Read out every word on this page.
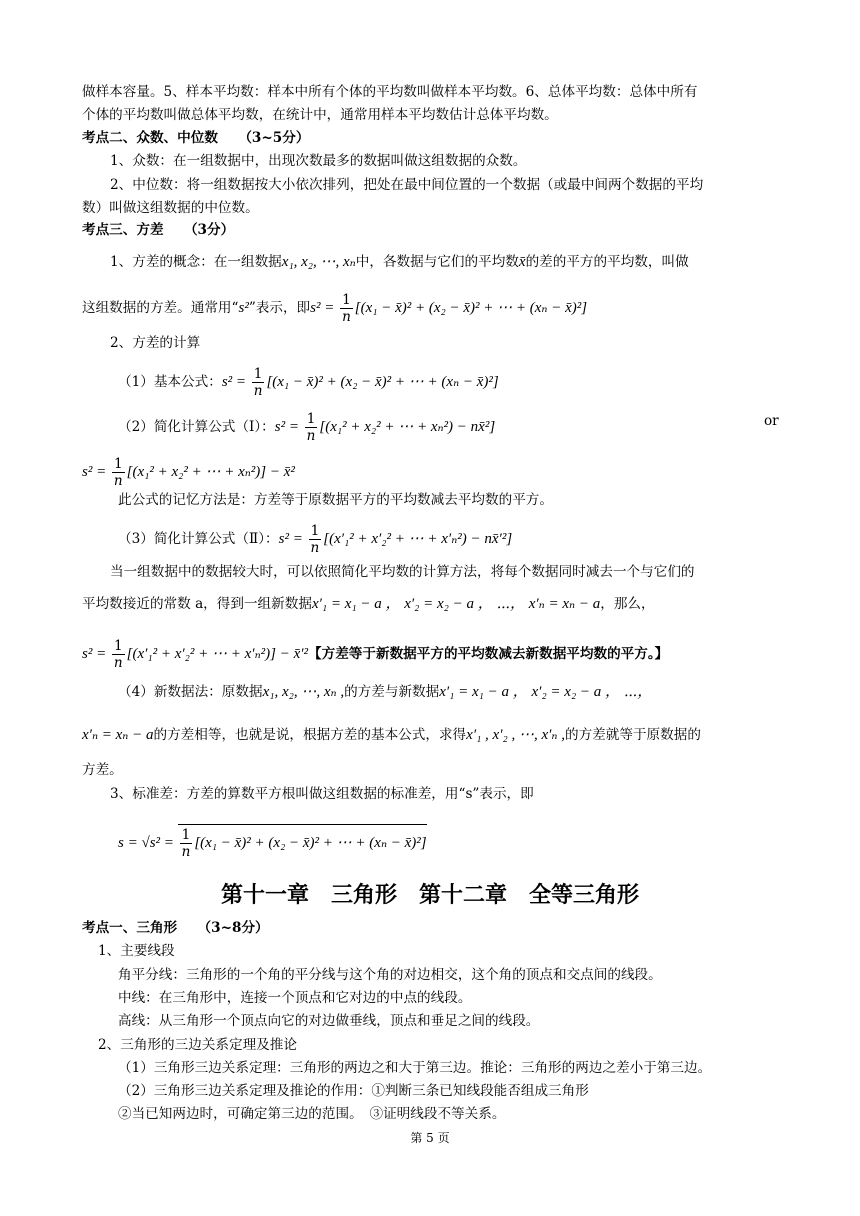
做样本容量。5、样本平均数：样本中所有个体的平均数叫做样本平均数。6、总体平均数：总体中所有
个体的平均数叫做总体平均数，在统计中，通常用样本平均数估计总体平均数。
考点二、众数、中位数　　（3~5分）
1、众数：在一组数据中，出现次数最多的数据叫做这组数据的众数。
2、中位数：将一组数据按大小依次排列，把处在最中间位置的一个数据（或最中间两个数据的平均
数）叫做这组数据的中位数。
考点三、方差　　（3分）
1、方差的概念：在一组数据x₁, x₂, ⋯, xₙ中，各数据与它们的平均数x̄的差的平方的平均数，叫做
这组数据的方差。通常用“s²”表示，即$s^2 = \frac{1}{n} [(x_1$ − x̄)² + (x₂ − x̄)² + ⋯ + (xₙ − x̄)²]
2、方差的计算
（1）基本公式：$s^2 = \frac{1}{n} [(x_1$ − x̄)² + (x₂ − x̄)² + ⋯ + (xₙ − x̄)²]
（2）简化计算公式（Ⅰ）：$s^2 = \frac{1}{n} [(x_1^2 + x_2^2$ + ⋯ + xₙ²) − nx̄²]	or
$s^2 = \frac{1}{n} [(x_1^2 + x_2^2$ + ⋯ + xₙ²)] − x̄²
此公式的记忆方法是：方差等于原数据平方的平均数减去平均数的平方。
（3）简化计算公式（Ⅱ）：$s^2 = \frac{1}{n} [(x'_1^2 + x'_2^2$ + ⋯ + x′ₙ²) − nx̄′²]
当一组数据中的数据较大时，可以依照简化平均数的计算方法，将每个数据同时减去一个与它们的
平均数接近的常数 a，得到一组新数据x′₁ = x₁ − a ， x′₂ = x₂ − a ， ⋯， x′ₙ = xₙ − a，那么，
$s^2 = \frac{1}{n} [(x'_1^2 + x'_2^2$ + ⋯ + x′ₙ²)] − x̄′²【方差等于新数据平方的平均数减去新数据平均数的平方。】
（4）新数据法：原数据x₁, x₂, ⋯, xₙ ,的方差与新数据x′₁ = x₁ − a ， x′₂ = x₂ − a ， ⋯，
x′ₙ = xₙ − a的方差相等，也就是说，根据方差的基本公式，求得x′₁ , x′₂ , ⋯, x′ₙ ,的方差就等于原数据的
方差。
3、标准差：方差的算数平方根叫做这组数据的标准差，用“s”表示，即
$s = √s^2 = \frac{1}{n} [(x_1$ − x̄)² + (x₂ − x̄)² + ⋯ + (xₙ − x̄)²]
第十一章　三角形　第十二章　全等三角形
考点一、三角形　　（3~8分）
1、主要线段
角平分线：三角形的一个角的平分线与这个角的对边相交，这个角的顶点和交点间的线段。
中线：在三角形中，连接一个顶点和它对边的中点的线段。
高线：从三角形一个顶点向它的对边做垂线，顶点和垂足之间的线段。
2、三角形的三边关系定理及推论
（1）三角形三边关系定理：三角形的两边之和大于第三边。推论：三角形的两边之差小于第三边。
（2）三角形三边关系定理及推论的作用：①判断三条已知线段能否组成三角形
②当已知两边时，可确定第三边的范围。　③证明线段不等关系。
第 5 页
